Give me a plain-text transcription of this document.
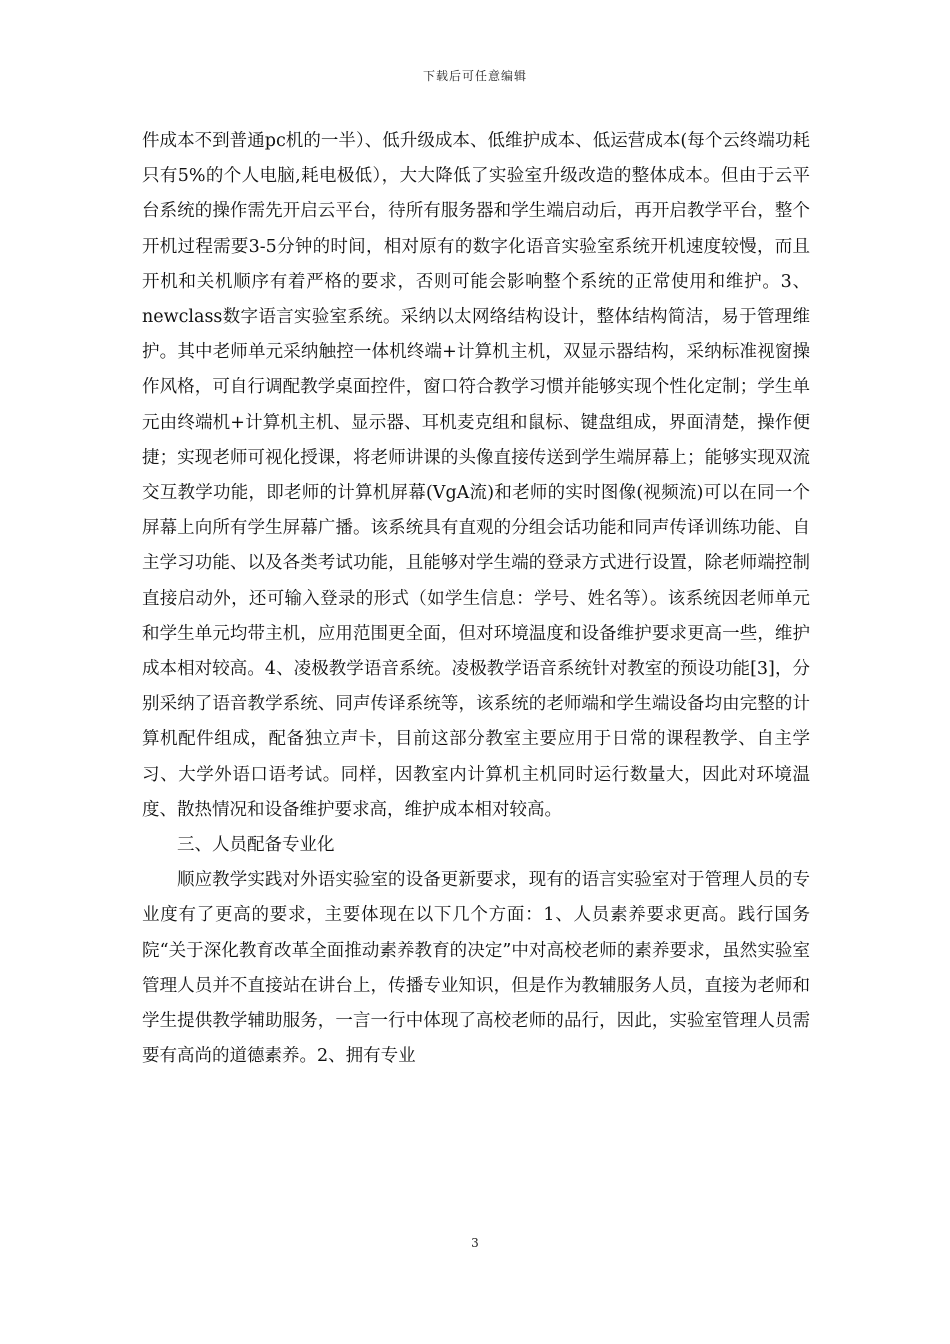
下载后可任意编辑

件成本不到普通pc机的一半）、低升级成本、低维护成本、低运营成本(每个云终端功耗只有5%的个人电脑,耗电极低），大大降低了实验室升级改造的整体成本。但由于云平台系统的操作需先开启云平台，待所有服务器和学生端启动后，再开启教学平台，整个开机过程需要3-5分钟的时间，相对原有的数字化语音实验室系统开机速度较慢，而且开机和关机顺序有着严格的要求，否则可能会影响整个系统的正常使用和维护。3、newclass数字语言实验室系统。采纳以太网络结构设计，整体结构简洁，易于管理维护。其中老师单元采纳触控一体机终端+计算机主机，双显示器结构，采纳标准视窗操作风格，可自行调配教学桌面控件，窗口符合教学习惯并能够实现个性化定制；学生单元由终端机+计算机主机、显示器、耳机麦克组和鼠标、键盘组成，界面清楚，操作便捷；实现老师可视化授课，将老师讲课的头像直接传送到学生端屏幕上；能够实现双流交互教学功能，即老师的计算机屏幕(VgA流)和老师的实时图像(视频流)可以在同一个屏幕上向所有学生屏幕广播。该系统具有直观的分组会话功能和同声传译训练功能、自主学习功能、以及各类考试功能，且能够对学生端的登录方式进行设置，除老师端控制直接启动外，还可输入登录的形式（如学生信息：学号、姓名等）。该系统因老师单元和学生单元均带主机，应用范围更全面，但对环境温度和设备维护要求更高一些，维护成本相对较高。4、凌极教学语音系统。凌极教学语音系统针对教室的预设功能[3]，分别采纳了语音教学系统、同声传译系统等，该系统的老师端和学生端设备均由完整的计算机配件组成，配备独立声卡，目前这部分教室主要应用于日常的课程教学、自主学习、大学外语口语考试。同样，因教室内计算机主机同时运行数量大，因此对环境温度、散热情况和设备维护要求高，维护成本相对较高。

三、人员配备专业化

顺应教学实践对外语实验室的设备更新要求，现有的语言实验室对于管理人员的专业度有了更高的要求，主要体现在以下几个方面：1、人员素养要求更高。践行国务院“关于深化教育改革全面推动素养教育的决定”中对高校老师的素养要求，虽然实验室管理人员并不直接站在讲台上，传播专业知识，但是作为教辅服务人员，直接为老师和学生提供教学辅助服务，一言一行中体现了高校老师的品行，因此，实验室管理人员需要有高尚的道德素养。2、拥有专业

3
